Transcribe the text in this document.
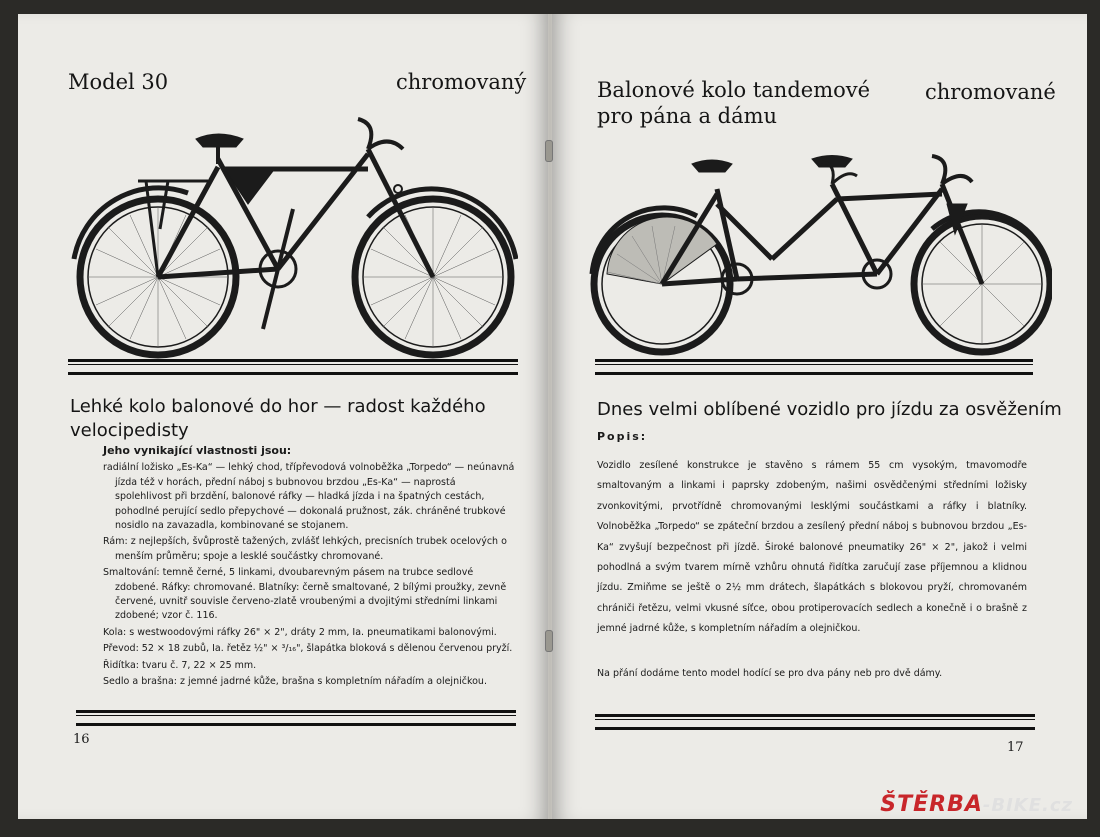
Model 30	chromovaný
Lehké kolo balonové do hor — radost každého velocipedisty
Jeho vynikající vlastnosti jsou:

radiální ložisko „Es-Ka“ — lehký chod, třípřevodová volnoběžka „Torpedo“ — neúnavná jízda též v horách, přední náboj s bubnovou brzdou „Es-Ka“ — naprostá spolehlivost při brzdění, balonové ráfky — hladká jízda i na špatných cestách, pohodlné perující sedlo přepychové — dokonalá pružnost, zák. chráněné trubkové nosidlo na zavazadla, kombinované se stojanem.

Rám: z nejlepších, švůprostě tažených, zvlášť lehkých, precisních trubek ocelových o menším průměru; spoje a lesklé součástky chromované.

Smaltování: temně černé, 5 linkami, dvoubarevným pásem na trubce sedlové zdobené. Ráfky: chromované. Blatníky: černě smaltované, 2 bílými proužky, zevně červené, uvnitř souvisle červeno-zlatě vroubenými a dvojitými středními linkami zdobené; vzor č. 116.

Kola: s westwoodovými ráfky 26" × 2", dráty 2 mm, Ia. pneumatikami balonovými.

Převod: 52 × 18 zubů, Ia. řetěz ½" × ³/₁₆", šlapátka bloková s dělenou červenou pryží.

Řidítka: tvaru č. 7, 22 × 25 mm.

Sedlo a brašna: z jemné jadrné kůže, brašna s kompletním nářadím a olejničkou.

16
Balonové kolo tandemové
pro pána a dámu
chromované
Dnes velmi oblíbené vozidlo pro jízdu za osvěžením
Popis:
Vozidlo zesílené konstrukce je stavěno s rámem 55 cm vysokým, tmavomodře smaltovaným a linkami i paprsky zdobeným, našimi osvědčenými středními ložisky zvonkovitými, prvotřídně chromovanými lesklými součástkami a ráfky i blatníky. Volnoběžka „Torpedo“ se zpáteční brzdou a zesílený přední náboj s bubnovou brzdou „Es-Ka“ zvyšují bezpečnost při jízdě. Široké balonové pneumatiky 26" × 2", jakož i velmi pohodlná a svým tvarem mírně vzhůru ohnutá řidítka zaručují zase příjemnou a klidnou jízdu. Zmiňme se ještě o 2½ mm drátech, šlapátkách s blokovou pryží, chromovaném chrániči řetězu, velmi vkusné síťce, obou protiperovacích sedlech a konečně i o brašně z jemné jadrné kůže, s kompletním nářadím a olejničkou.
Na přání dodáme tento model hodící se pro dva pány neb pro dvě dámy.
17
ŠTĚRBA-BIKE.cz
